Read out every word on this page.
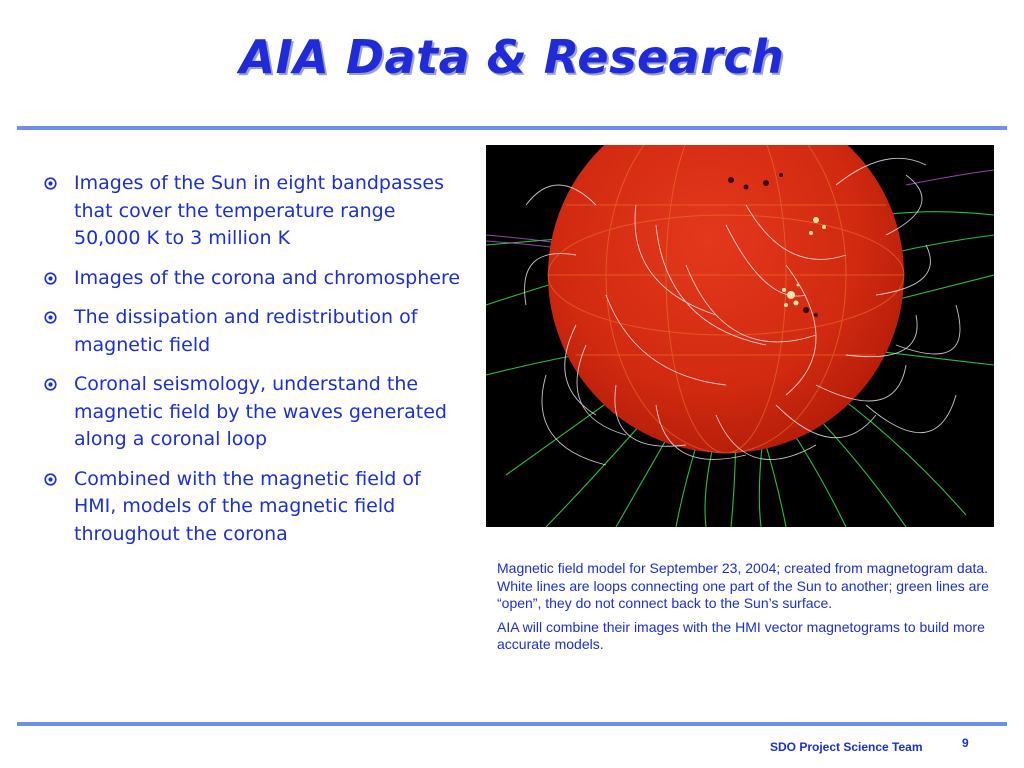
AIA Data & Research
Images of the Sun in eight bandpasses that cover the temperature range 50,000 K to 3 million K
Images of the corona and chromosphere
The dissipation and redistribution of magnetic field
Coronal seismology, understand the magnetic field by the waves generated along a coronal loop
Combined with the magnetic field of HMI, models of the magnetic field throughout the corona

Magnetic field model for September 23, 2004; created from magnetogram data. White lines are loops connecting one part of the Sun to another; green lines are “open”, they do not connect back to the Sun’s surface.

AIA will combine their images with the HMI vector magnetograms to build more accurate models.

SDO Project Science Team	9
